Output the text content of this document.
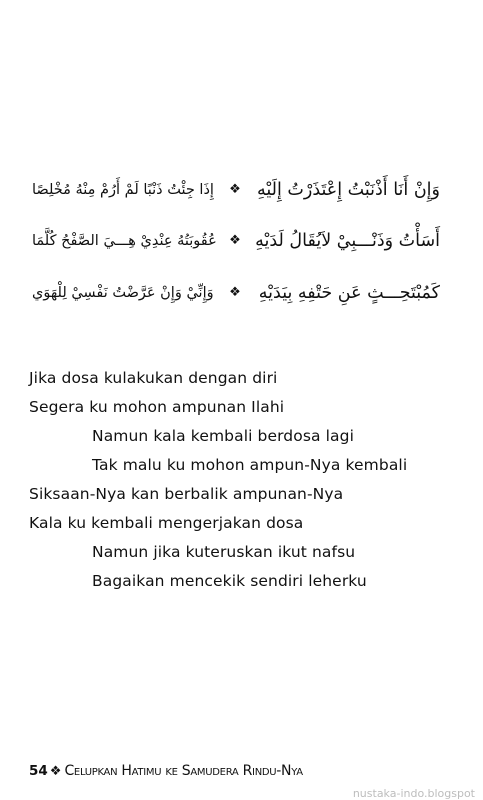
إِذَا جِئْتُ ذَنْبًا لَمْ أَرُمْ مِنْهُ مُخْلِصًا	❖ وَإِنْ أَنَا أَذْنَبْتُ إِعْتَذَرْتُ إِلَيْهِ
عُقُوبَتُهُ عِنْدِيْ هِـــيَ الصَّفْحُ كُلَّمَا ❖ أَسَأْتُ وَذَنْـــبِيْ لاَيُقَالُ لَدَيْهِ
وَإِنِّيْ وَإِنْ عَرَّضْتُ نَفْسِيْ لِلْهَوَي	❖ كَمُبْتَحِـــثٍ عَنِ حَتْفِهِ بِيَدَيْهِ
Jika dosa kulakukan dengan diri
Segera ku mohon ampunan Ilahi
Namun kala kembali berdosa lagi
Tak malu ku mohon ampun-Nya kembali
Siksaan-Nya kan berbalik ampunan-Nya
Kala ku kembali mengerjakan dosa
Namun jika kuteruskan ikut nafsu
Bagaikan mencekik sendiri leherku
54 ❖ Celupkan Hatimu ke Samudera Rindu-Nya
nustaka-indo.blogspot
